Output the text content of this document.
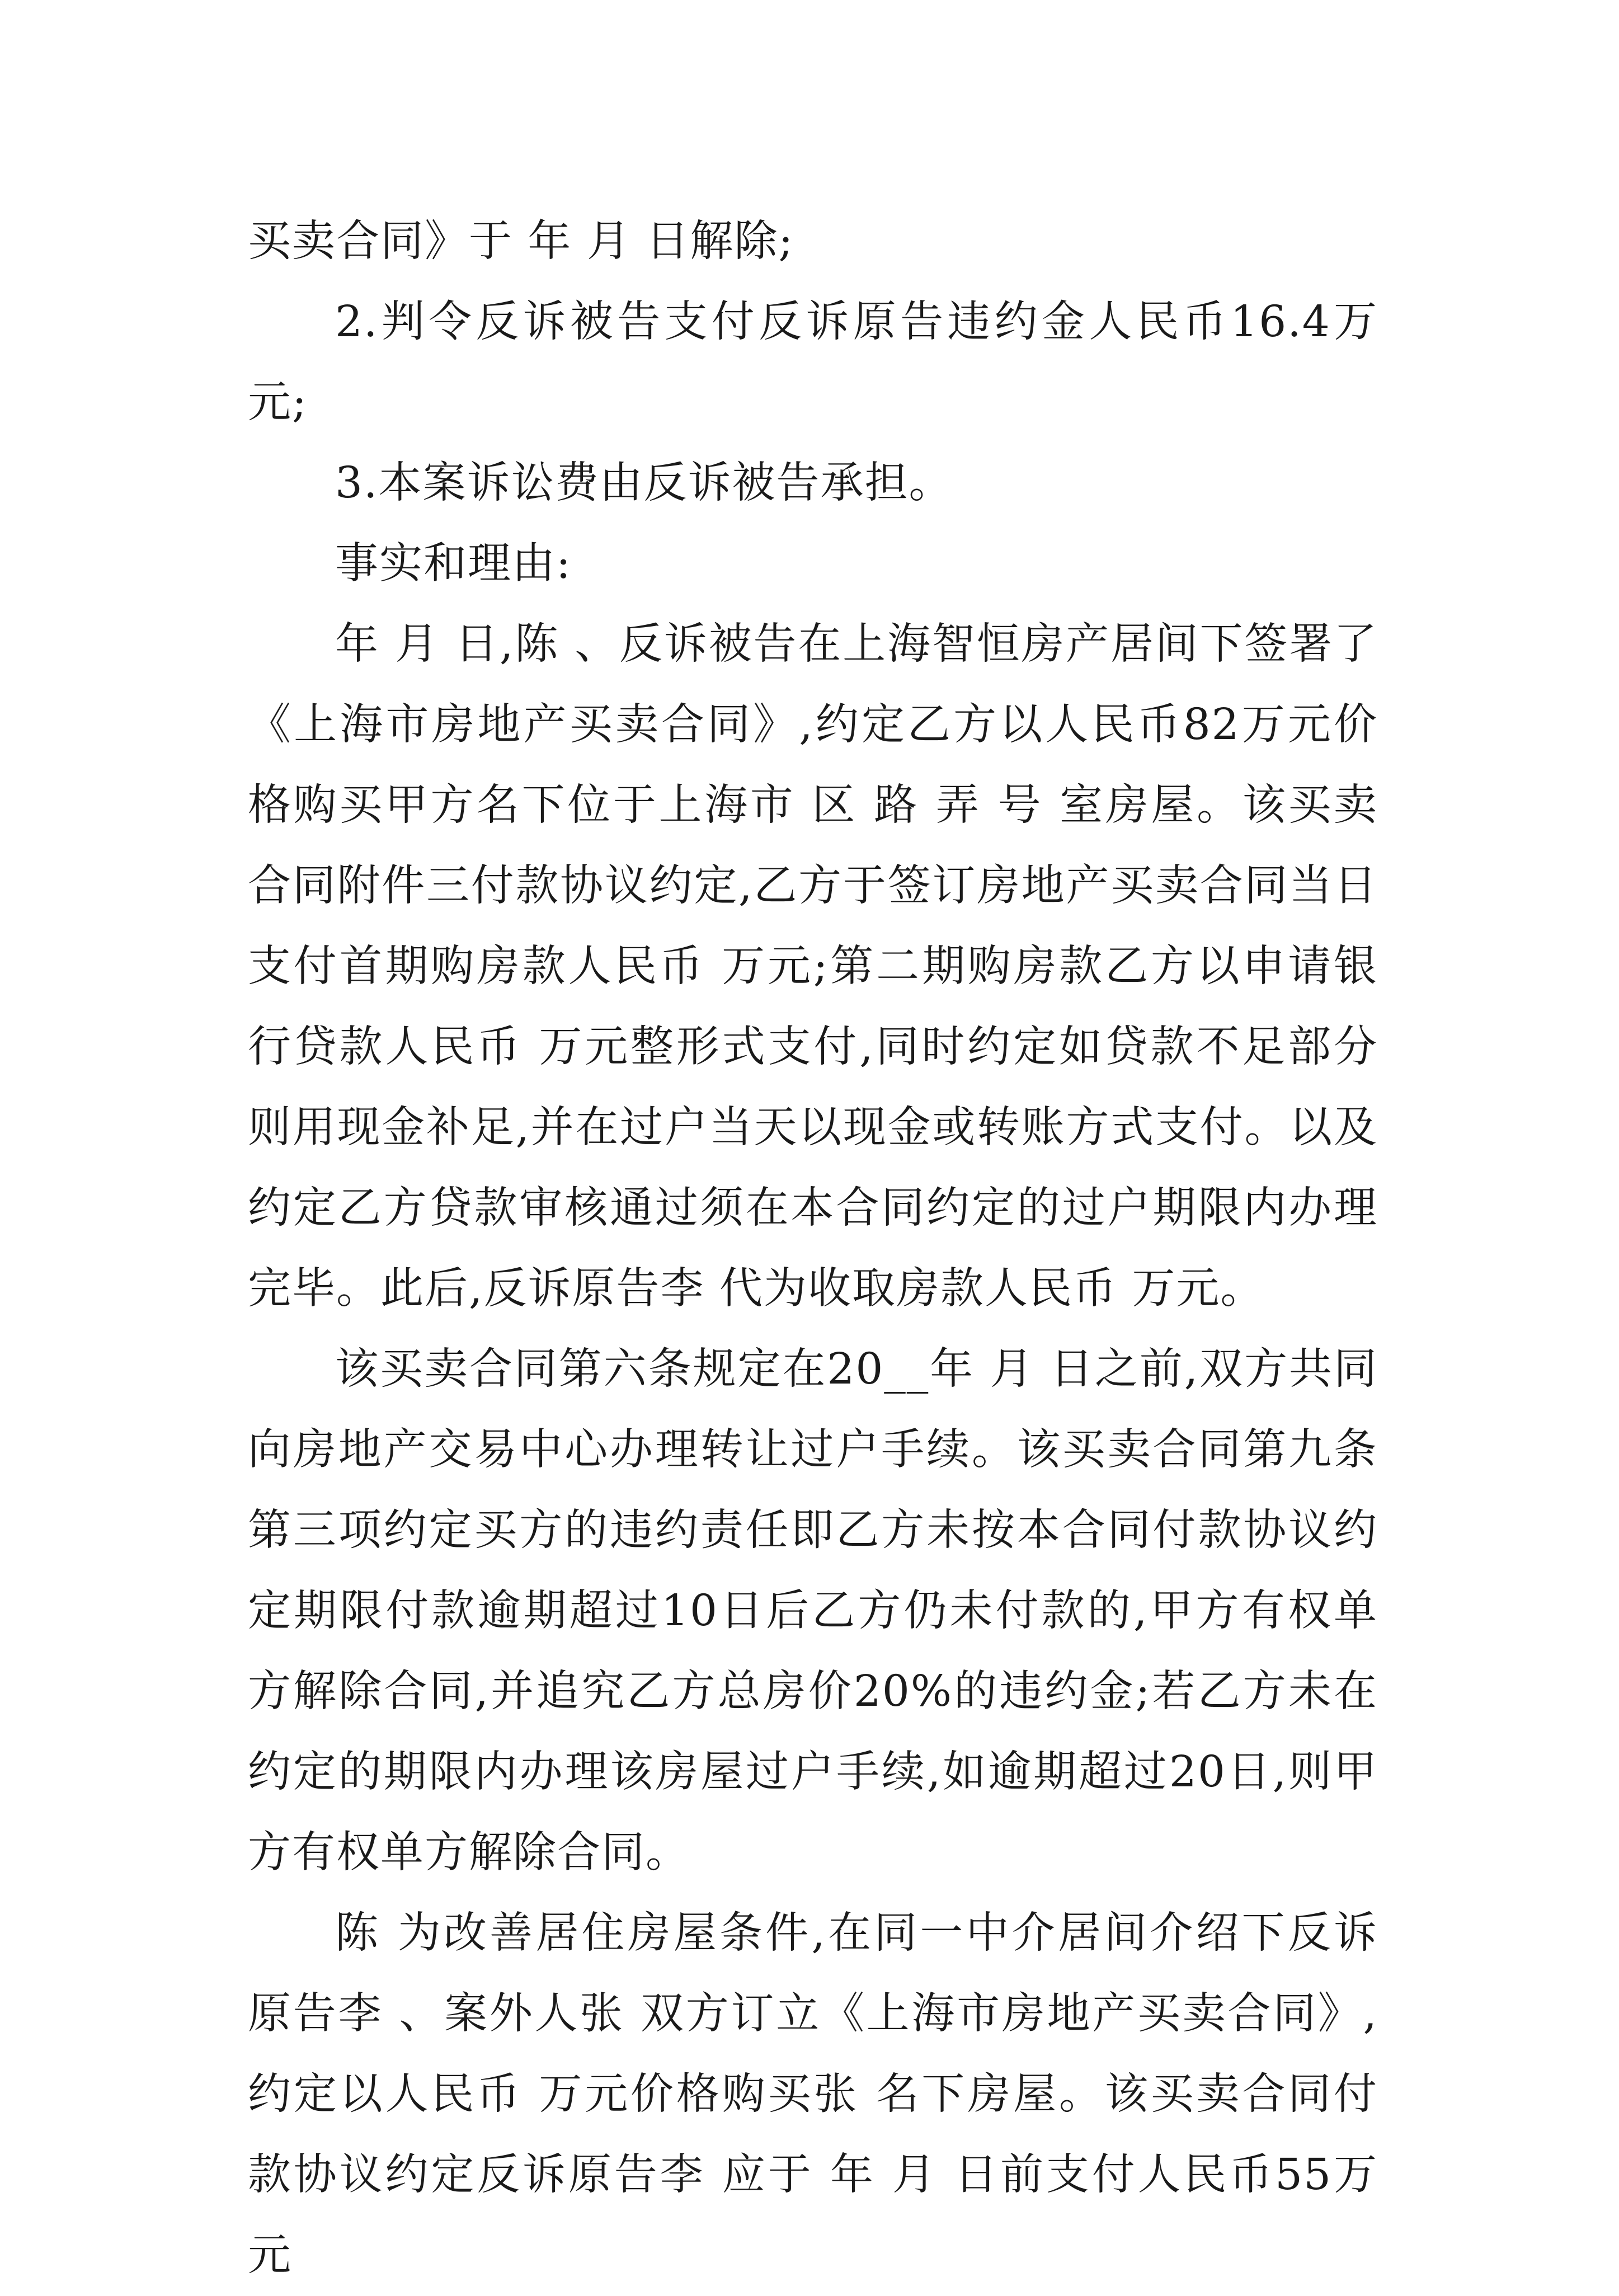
买卖合同》于 年 月 日解除;

2.判令反诉被告支付反诉原告违约金人民币16.4万元;

3.本案诉讼费由反诉被告承担。

事实和理由:

年 月 日,陈 、反诉被告在上海智恒房产居间下签署了《上海市房地产买卖合同》,约定乙方以人民币82万元价格购买甲方名下位于上海市 区 路 弄 号 室房屋。该买卖合同附件三付款协议约定,乙方于签订房地产买卖合同当日支付首期购房款人民币 万元;第二期购房款乙方以申请银行贷款人民币 万元整形式支付,同时约定如贷款不足部分则用现金补足,并在过户当天以现金或转账方式支付。以及约定乙方贷款审核通过须在本合同约定的过户期限内办理完毕。此后,反诉原告李 代为收取房款人民币 万元。

该买卖合同第六条规定在20__年 月 日之前,双方共同向房地产交易中心办理转让过户手续。该买卖合同第九条第三项约定买方的违约责任即乙方未按本合同付款协议约定期限付款逾期超过10日后乙方仍未付款的,甲方有权单方解除合同,并追究乙方总房价20%的违约金;若乙方未在约定的期限内办理该房屋过户手续,如逾期超过20日,则甲方有权单方解除合同。

陈 为改善居住房屋条件,在同一中介居间介绍下反诉原告李 、案外人张 双方订立《上海市房地产买卖合同》,约定以人民币 万元价格购买张 名下房屋。该买卖合同付款协议约定反诉原告李 应于 年 月 日前支付人民币55万元
